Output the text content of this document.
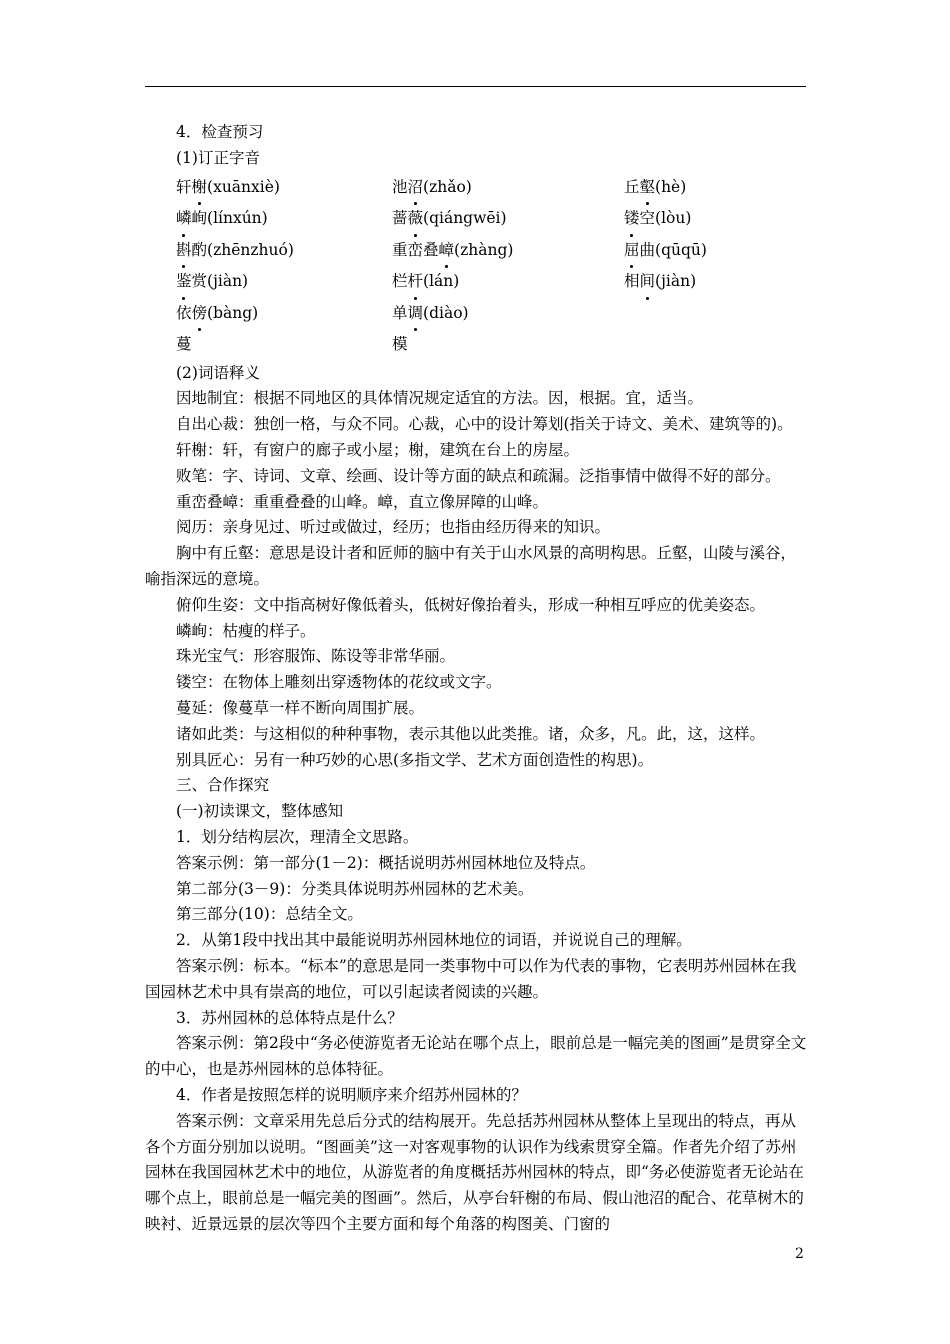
4．检查预习

(1)订正字音

轩榭(xuānxiè)	池沼(zhǎo)	丘壑(hè)
嶙峋(línxún)	蔷薇(qiángwēi)	镂空(lòu)
斟酌(zhēnzhuó)	重峦叠嶂(zhàng)	屈曲(qūqū)
鉴赏(jiàn)	栏杆(lán)	相间(jiàn)
依傍(bàng)	单调(diào)
蔓	模

(2)词语释义

因地制宜：根据不同地区的具体情况规定适宜的方法。因，根据。宜，适当。

自出心裁：独创一格，与众不同。心裁，心中的设计筹划(指关于诗文、美术、建筑等的)。

轩榭：轩，有窗户的廊子或小屋；榭，建筑在台上的房屋。

败笔：字、诗词、文章、绘画、设计等方面的缺点和疏漏。泛指事情中做得不好的部分。

重峦叠嶂：重重叠叠的山峰。嶂，直立像屏障的山峰。

阅历：亲身见过、听过或做过，经历；也指由经历得来的知识。

胸中有丘壑：意思是设计者和匠师的脑中有关于山水风景的高明构思。丘壑，山陵与溪谷，喻指深远的意境。

俯仰生姿：文中指高树好像低着头，低树好像抬着头，形成一种相互呼应的优美姿态。

嶙峋：枯瘦的样子。

珠光宝气：形容服饰、陈设等非常华丽。

镂空：在物体上雕刻出穿透物体的花纹或文字。

蔓延：像蔓草一样不断向周围扩展。

诸如此类：与这相似的种种事物，表示其他以此类推。诸，众多，凡。此，这，这样。

别具匠心：另有一种巧妙的心思(多指文学、艺术方面创造性的构思)。

三、合作探究

(一)初读课文，整体感知

1．划分结构层次，理清全文思路。

答案示例：第一部分(1－2)：概括说明苏州园林地位及特点。

第二部分(3－9)：分类具体说明苏州园林的艺术美。

第三部分(10)：总结全文。

2．从第1段中找出其中最能说明苏州园林地位的词语，并说说自己的理解。

答案示例：标本。“标本”的意思是同一类事物中可以作为代表的事物，它表明苏州园林在我国园林艺术中具有崇高的地位，可以引起读者阅读的兴趣。

3．苏州园林的总体特点是什么？

答案示例：第2段中“务必使游览者无论站在哪个点上，眼前总是一幅完美的图画”是贯穿全文的中心，也是苏州园林的总体特征。

4．作者是按照怎样的说明顺序来介绍苏州园林的？

答案示例：文章采用先总后分式的结构展开。先总括苏州园林从整体上呈现出的特点，再从各个方面分别加以说明。“图画美”这一对客观事物的认识作为线索贯穿全篇。作者先介绍了苏州园林在我国园林艺术中的地位，从游览者的角度概括苏州园林的特点，即“务必使游览者无论站在哪个点上，眼前总是一幅完美的图画”。然后，从亭台轩榭的布局、假山池沼的配合、花草树木的映衬、近景远景的层次等四个主要方面和每个角落的构图美、门窗的

2
